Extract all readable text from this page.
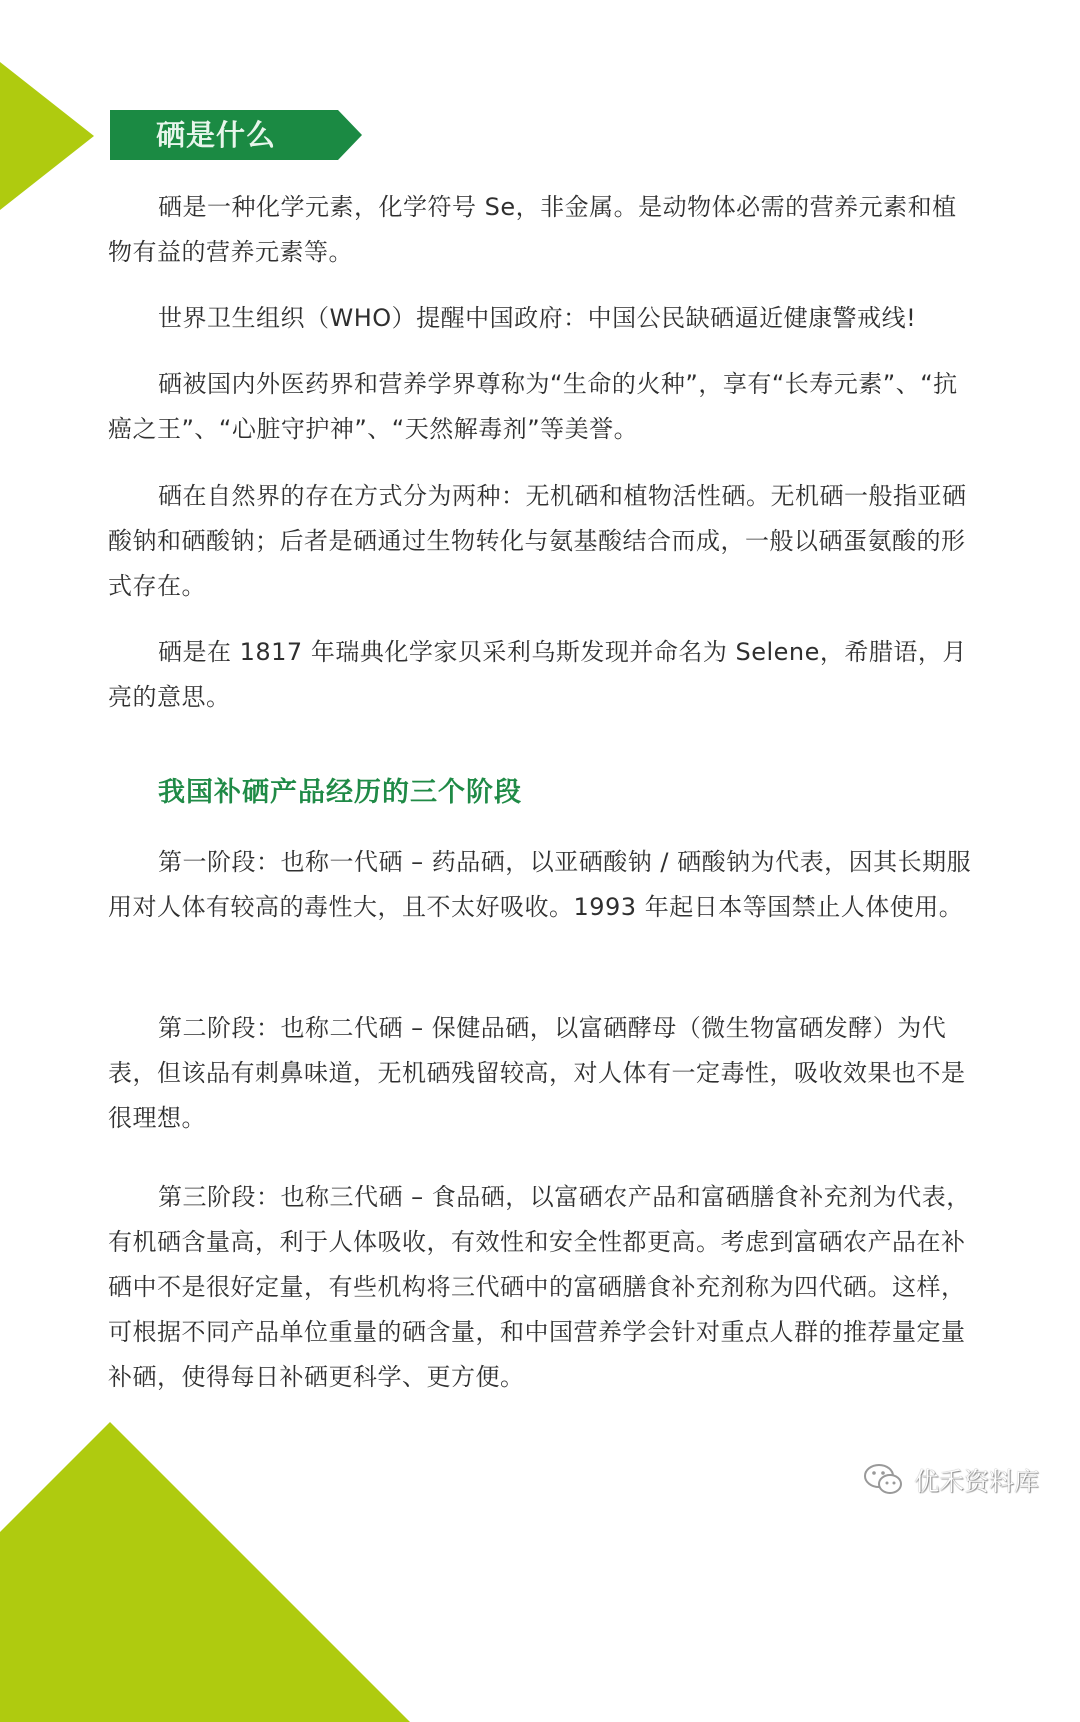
硒是什么

硒是一种化学元素，化学符号 Se，非金属。是动物体必需的营养元素和植物有益的营养元素等。

世界卫生组织（WHO）提醒中国政府：中国公民缺硒逼近健康警戒线!

硒被国内外医药界和营养学界尊称为“生命的火种”，享有“长寿元素”、“抗癌之王”、“心脏守护神”、“天然解毒剂”等美誉。

硒在自然界的存在方式分为两种：无机硒和植物活性硒。无机硒一般指亚硒酸钠和硒酸钠；后者是硒通过生物转化与氨基酸结合而成，一般以硒蛋氨酸的形式存在。

硒是在 1817 年瑞典化学家贝采利乌斯发现并命名为 Selene，希腊语，月亮的意思。

我国补硒产品经历的三个阶段

第一阶段：也称一代硒 – 药品硒，以亚硒酸钠 / 硒酸钠为代表，因其长期服用对人体有较高的毒性大，且不太好吸收。1993 年起日本等国禁止人体使用。

第二阶段：也称二代硒 – 保健品硒，以富硒酵母（微生物富硒发酵）为代表，但该品有刺鼻味道，无机硒残留较高，对人体有一定毒性，吸收效果也不是很理想。

第三阶段：也称三代硒 – 食品硒，以富硒农产品和富硒膳食补充剂为代表，有机硒含量高，利于人体吸收，有效性和安全性都更高。考虑到富硒农产品在补硒中不是很好定量，有些机构将三代硒中的富硒膳食补充剂称为四代硒。这样，可根据不同产品单位重量的硒含量，和中国营养学会针对重点人群的推荐量定量补硒，使得每日补硒更科学、更方便。

优禾资料库
